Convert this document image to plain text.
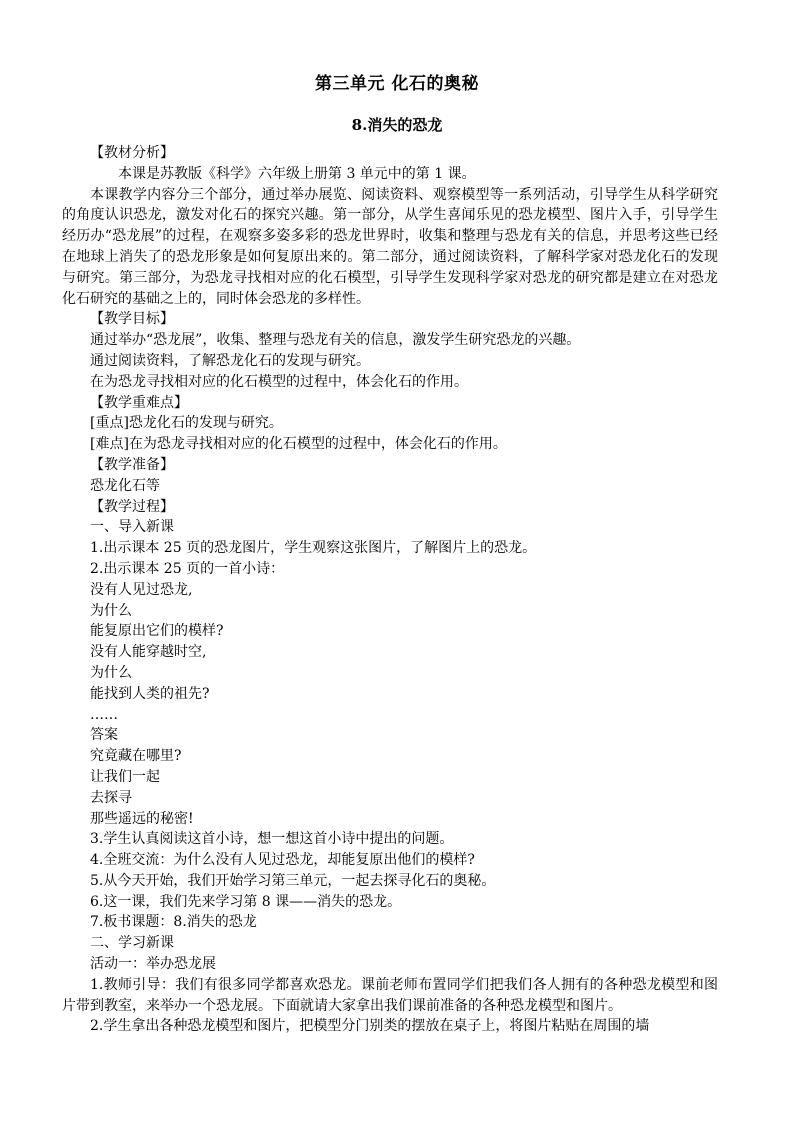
第三单元 化石的奥秘
8.消失的恐龙
【教材分析】
本课是苏教版《科学》六年级上册第 3 单元中的第 1 课。
本课教学内容分三个部分，通过举办展览、阅读资料、观察模型等一系列活动，引导学生从科学研究的角度认识恐龙，激发对化石的探究兴趣。第一部分，从学生喜闻乐见的恐龙模型、图片入手，引导学生经历办“恐龙展”的过程，在观察多姿多彩的恐龙世界时，收集和整理与恐龙有关的信息，并思考这些已经在地球上消失了的恐龙形象是如何复原出来的。第二部分，通过阅读资料，了解科学家对恐龙化石的发现与研究。第三部分，为恐龙寻找相对应的化石模型，引导学生发现科学家对恐龙的研究都是建立在对恐龙化石研究的基础之上的，同时体会恐龙的多样性。
【教学目标】
通过举办“恐龙展”，收集、整理与恐龙有关的信息，激发学生研究恐龙的兴趣。
通过阅读资料，了解恐龙化石的发现与研究。
在为恐龙寻找相对应的化石模型的过程中，体会化石的作用。
【教学重难点】
[重点]恐龙化石的发现与研究。
[难点]在为恐龙寻找相对应的化石模型的过程中，体会化石的作用。
【教学准备】
恐龙化石等
【教学过程】
一、导入新课
1.出示课本 25 页的恐龙图片，学生观察这张图片，了解图片上的恐龙。
2.出示课本 25 页的一首小诗：
没有人见过恐龙,
为什么
能复原出它们的模样?
没有人能穿越时空,
为什么
能找到人类的祖先?
……
答案
究竟藏在哪里?
让我们一起
去探寻
那些遥远的秘密!
3.学生认真阅读这首小诗，想一想这首小诗中提出的问题。
4.全班交流：为什么没有人见过恐龙，却能复原出他们的模样?
5.从今天开始，我们开始学习第三单元，一起去探寻化石的奥秘。
6.这一课，我们先来学习第 8 课——消失的恐龙。
7.板书课题：8.消失的恐龙
二、学习新课
活动一：举办恐龙展
1.教师引导：我们有很多同学都喜欢恐龙。课前老师布置同学们把我们各人拥有的各种恐龙模型和图片带到教室，来举办一个恐龙展。下面就请大家拿出我们课前准备的各种恐龙模型和图片。
2.学生拿出各种恐龙模型和图片，把模型分门别类的摆放在桌子上，将图片粘贴在周围的墙
